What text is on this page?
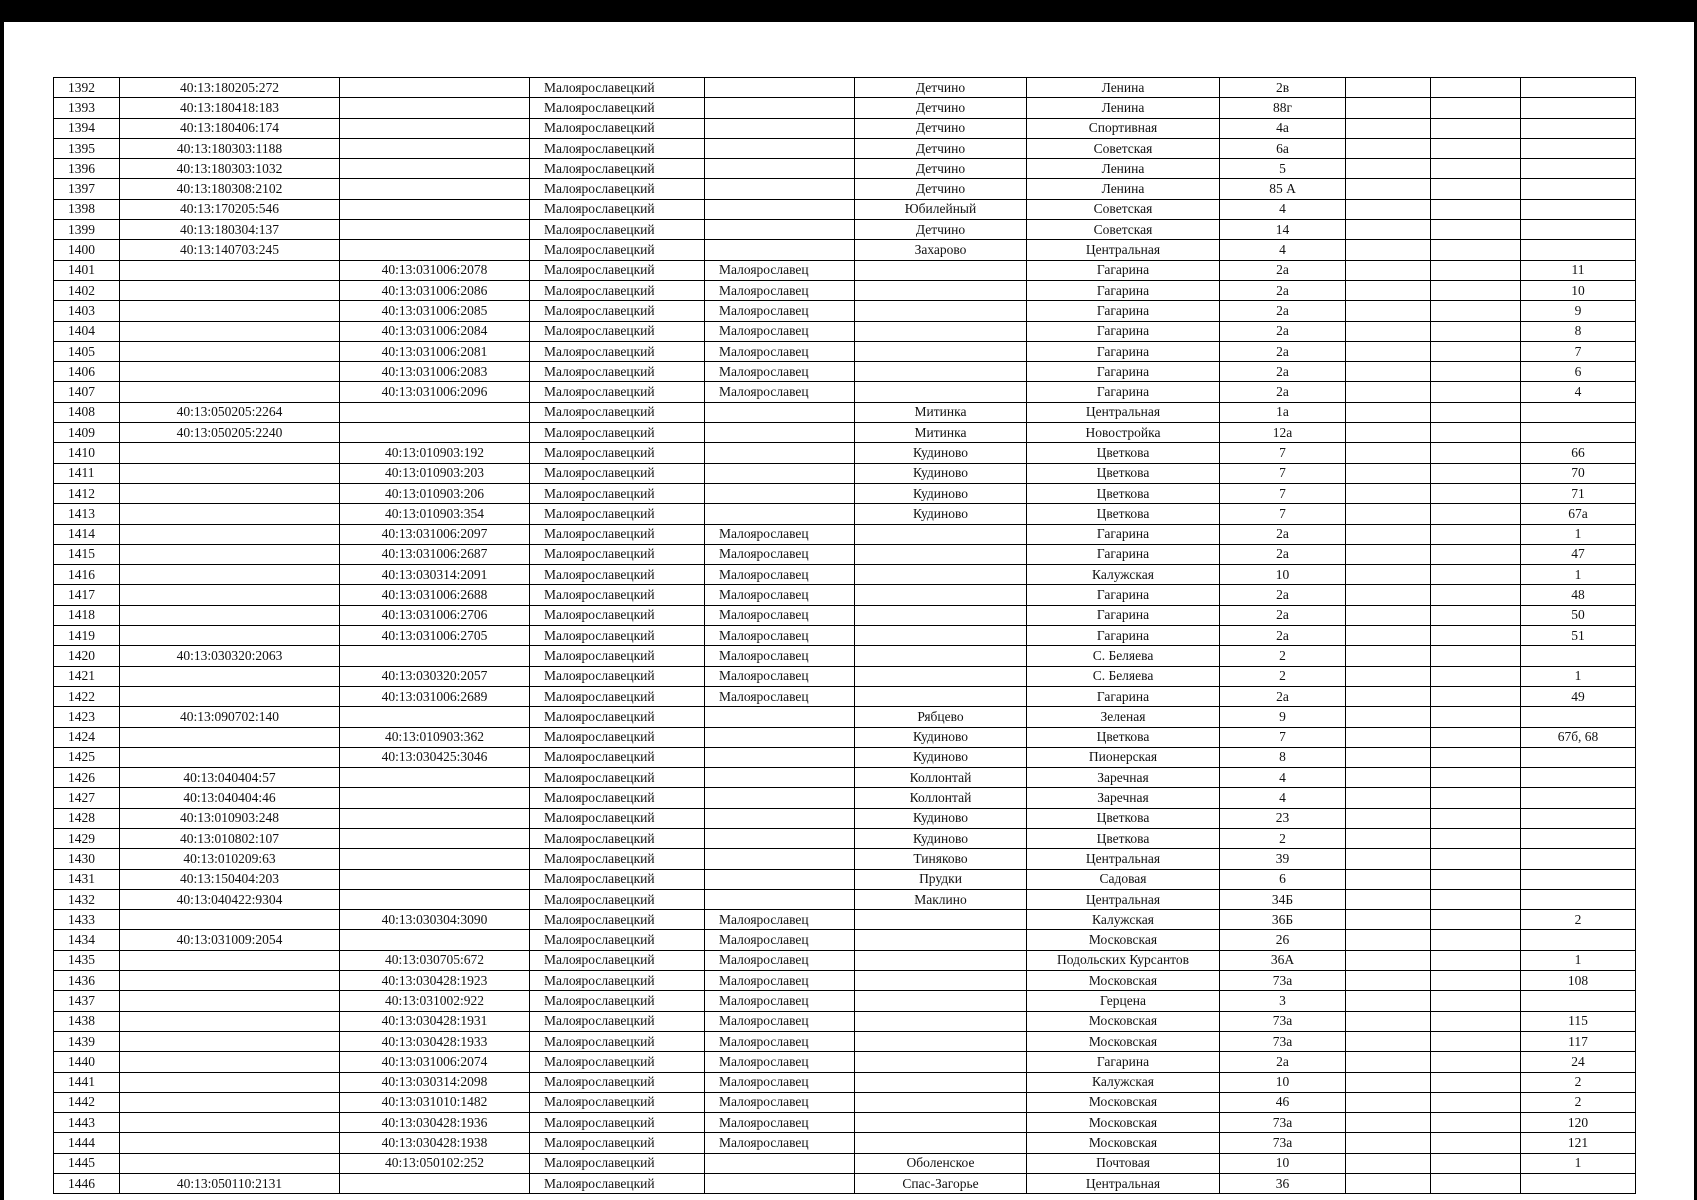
1392	40:13:180205:272		Малоярославецкий		Детчино	Ленина	2в			
1393	40:13:180418:183		Малоярославецкий		Детчино	Ленина	88г			
1394	40:13:180406:174		Малоярославецкий		Детчино	Спортивная	4а			
1395	40:13:180303:1188		Малоярославецкий		Детчино	Советская	6а			
1396	40:13:180303:1032		Малоярославецкий		Детчино	Ленина	5			
1397	40:13:180308:2102		Малоярославецкий		Детчино	Ленина	85 А			
1398	40:13:170205:546		Малоярославецкий		Юбилейный	Советская	4			
1399	40:13:180304:137		Малоярославецкий		Детчино	Советская	14			
1400	40:13:140703:245		Малоярославецкий		Захарово	Центральная	4			
1401		40:13:031006:2078	Малоярославецкий	Малоярославец		Гагарина	2а			11
1402		40:13:031006:2086	Малоярославецкий	Малоярославец		Гагарина	2а			10
1403		40:13:031006:2085	Малоярославецкий	Малоярославец		Гагарина	2а			9
1404		40:13:031006:2084	Малоярославецкий	Малоярославец		Гагарина	2а			8
1405		40:13:031006:2081	Малоярославецкий	Малоярославец		Гагарина	2а			7
1406		40:13:031006:2083	Малоярославецкий	Малоярославец		Гагарина	2а			6
1407		40:13:031006:2096	Малоярославецкий	Малоярославец		Гагарина	2а			4
1408	40:13:050205:2264		Малоярославецкий		Митинка	Центральная	1а			
1409	40:13:050205:2240		Малоярославецкий		Митинка	Новостройка	12а			
1410		40:13:010903:192	Малоярославецкий		Кудиново	Цветкова	7			66
1411		40:13:010903:203	Малоярославецкий		Кудиново	Цветкова	7			70
1412		40:13:010903:206	Малоярославецкий		Кудиново	Цветкова	7			71
1413		40:13:010903:354	Малоярославецкий		Кудиново	Цветкова	7			67а
1414		40:13:031006:2097	Малоярославецкий	Малоярославец		Гагарина	2а			1
1415		40:13:031006:2687	Малоярославецкий	Малоярославец		Гагарина	2а			47
1416		40:13:030314:2091	Малоярославецкий	Малоярославец		Калужская	10			1
1417		40:13:031006:2688	Малоярославецкий	Малоярославец		Гагарина	2а			48
1418		40:13:031006:2706	Малоярославецкий	Малоярославец		Гагарина	2а			50
1419		40:13:031006:2705	Малоярославецкий	Малоярославец		Гагарина	2а			51
1420	40:13:030320:2063		Малоярославецкий	Малоярославец		С. Беляева	2			
1421		40:13:030320:2057	Малоярославецкий	Малоярославец		С. Беляева	2			1
1422		40:13:031006:2689	Малоярославецкий	Малоярославец		Гагарина	2а			49
1423	40:13:090702:140		Малоярославецкий		Рябцево	Зеленая	9			
1424		40:13:010903:362	Малоярославецкий		Кудиново	Цветкова	7			67б, 68
1425		40:13:030425:3046	Малоярославецкий		Кудиново	Пионерская	8			
1426	40:13:040404:57		Малоярославецкий		Коллонтай	Заречная	4			
1427	40:13:040404:46		Малоярославецкий		Коллонтай	Заречная	4			
1428	40:13:010903:248		Малоярославецкий		Кудиново	Цветкова	23			
1429	40:13:010802:107		Малоярославецкий		Кудиново	Цветкова	2			
1430	40:13:010209:63		Малоярославецкий		Тиняково	Центральная	39			
1431	40:13:150404:203		Малоярославецкий		Прудки	Садовая	6			
1432	40:13:040422:9304		Малоярославецкий		Маклино	Центральная	34Б			
1433		40:13:030304:3090	Малоярославецкий	Малоярославец		Калужская	36Б			2
1434	40:13:031009:2054		Малоярославецкий	Малоярославец		Московская	26			
1435		40:13:030705:672	Малоярославецкий	Малоярославец		Подольских Курсантов	36А			1
1436		40:13:030428:1923	Малоярославецкий	Малоярославец		Московская	73а			108
1437		40:13:031002:922	Малоярославецкий	Малоярославец		Герцена	3			
1438		40:13:030428:1931	Малоярославецкий	Малоярославец		Московская	73а			115
1439		40:13:030428:1933	Малоярославецкий	Малоярославец		Московская	73а			117
1440		40:13:031006:2074	Малоярославецкий	Малоярославец		Гагарина	2а			24
1441		40:13:030314:2098	Малоярославецкий	Малоярославец		Калужская	10			2
1442		40:13:031010:1482	Малоярославецкий	Малоярославец		Московская	46			2
1443		40:13:030428:1936	Малоярославецкий	Малоярославец		Московская	73а			120
1444		40:13:030428:1938	Малоярославецкий	Малоярославец		Московская	73а			121
1445		40:13:050102:252	Малоярославецкий		Оболенское	Почтовая	10			1
1446	40:13:050110:2131		Малоярославецкий		Спас-Загорье	Центральная	36			
